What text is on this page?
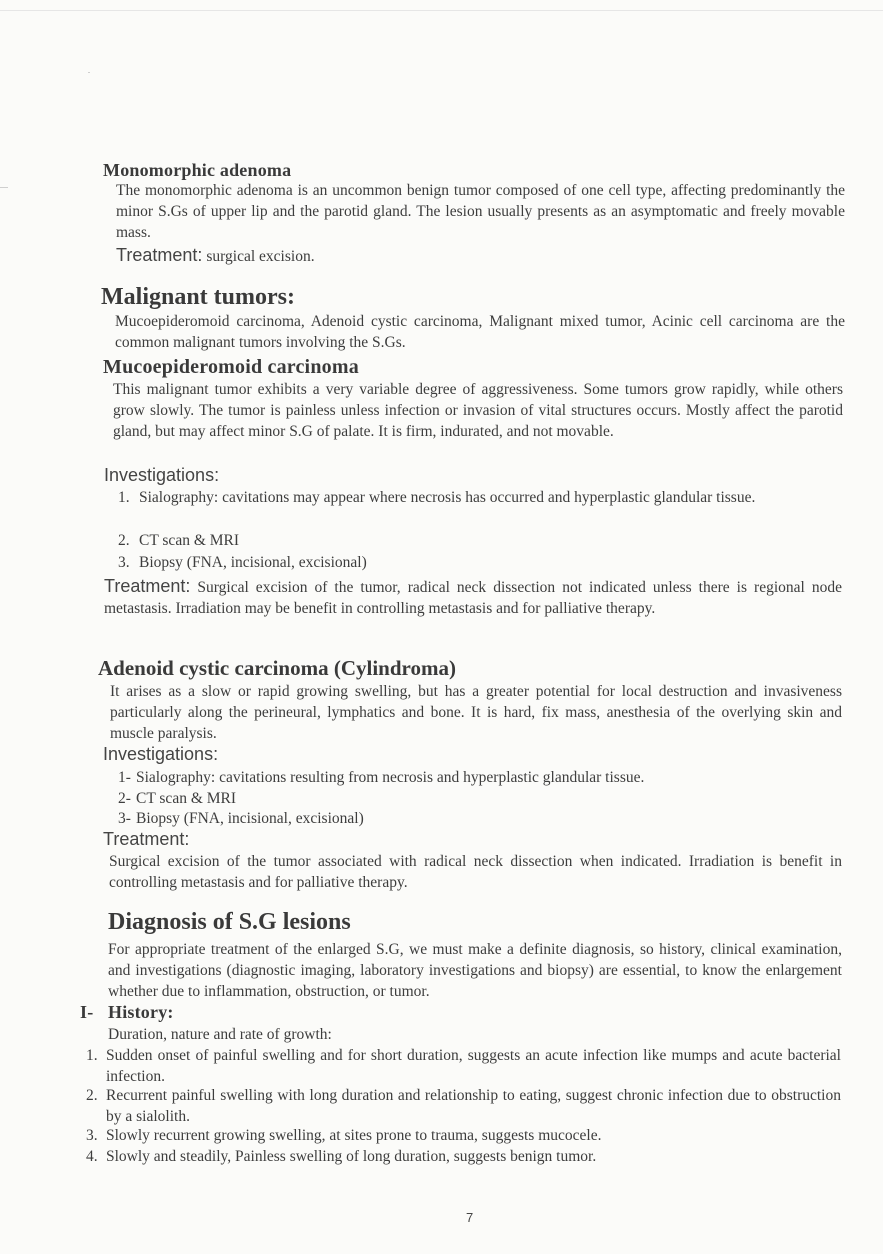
Monomorphic adenoma
The monomorphic adenoma is an uncommon benign tumor composed of one cell type, affecting predominantly the minor S.Gs of upper lip and the parotid gland. The lesion usually presents as an asymptomatic and freely movable mass.
Treatment: surgical excision.
Malignant tumors:
Mucoepideromoid carcinoma, Adenoid cystic carcinoma, Malignant mixed tumor, Acinic cell carcinoma are the common malignant tumors involving the S.Gs.
Mucoepideromoid carcinoma
This malignant tumor exhibits a very variable degree of aggressiveness. Some tumors grow rapidly, while others grow slowly. The tumor is painless unless infection or invasion of vital structures occurs. Mostly affect the parotid gland, but may affect minor S.G of palate. It is firm, indurated, and not movable.
Investigations:
1. Sialography: cavitations may appear where necrosis has occurred and hyperplastic glandular tissue.
2. CT scan & MRI
3. Biopsy (FNA, incisional, excisional)
Treatment: Surgical excision of the tumor, radical neck dissection not indicated unless there is regional node metastasis. Irradiation may be benefit in controlling metastasis and for palliative therapy.
Adenoid cystic carcinoma (Cylindroma)
It arises as a slow or rapid growing swelling, but has a greater potential for local destruction and invasiveness particularly along the perineural, lymphatics and bone. It is hard, fix mass, anesthesia of the overlying skin and muscle paralysis.
Investigations:
1- Sialography: cavitations resulting from necrosis and hyperplastic glandular tissue.
2- CT scan & MRI
3- Biopsy (FNA, incisional, excisional)
Treatment:
Surgical excision of the tumor associated with radical neck dissection when indicated. Irradiation is benefit in controlling metastasis and for palliative therapy.
Diagnosis of S.G lesions
For appropriate treatment of the enlarged S.G, we must make a definite diagnosis, so history, clinical examination, and investigations (diagnostic imaging, laboratory investigations and biopsy) are essential, to know the enlargement whether due to inflammation, obstruction, or tumor.
I- History:
Duration, nature and rate of growth:
1. Sudden onset of painful swelling and for short duration, suggests an acute infection like mumps and acute bacterial infection.
2. Recurrent painful swelling with long duration and relationship to eating, suggest chronic infection due to obstruction by a sialolith.
3. Slowly recurrent growing swelling, at sites prone to trauma, suggests mucocele.
4. Slowly and steadily, Painless swelling of long duration, suggests benign tumor.
7
